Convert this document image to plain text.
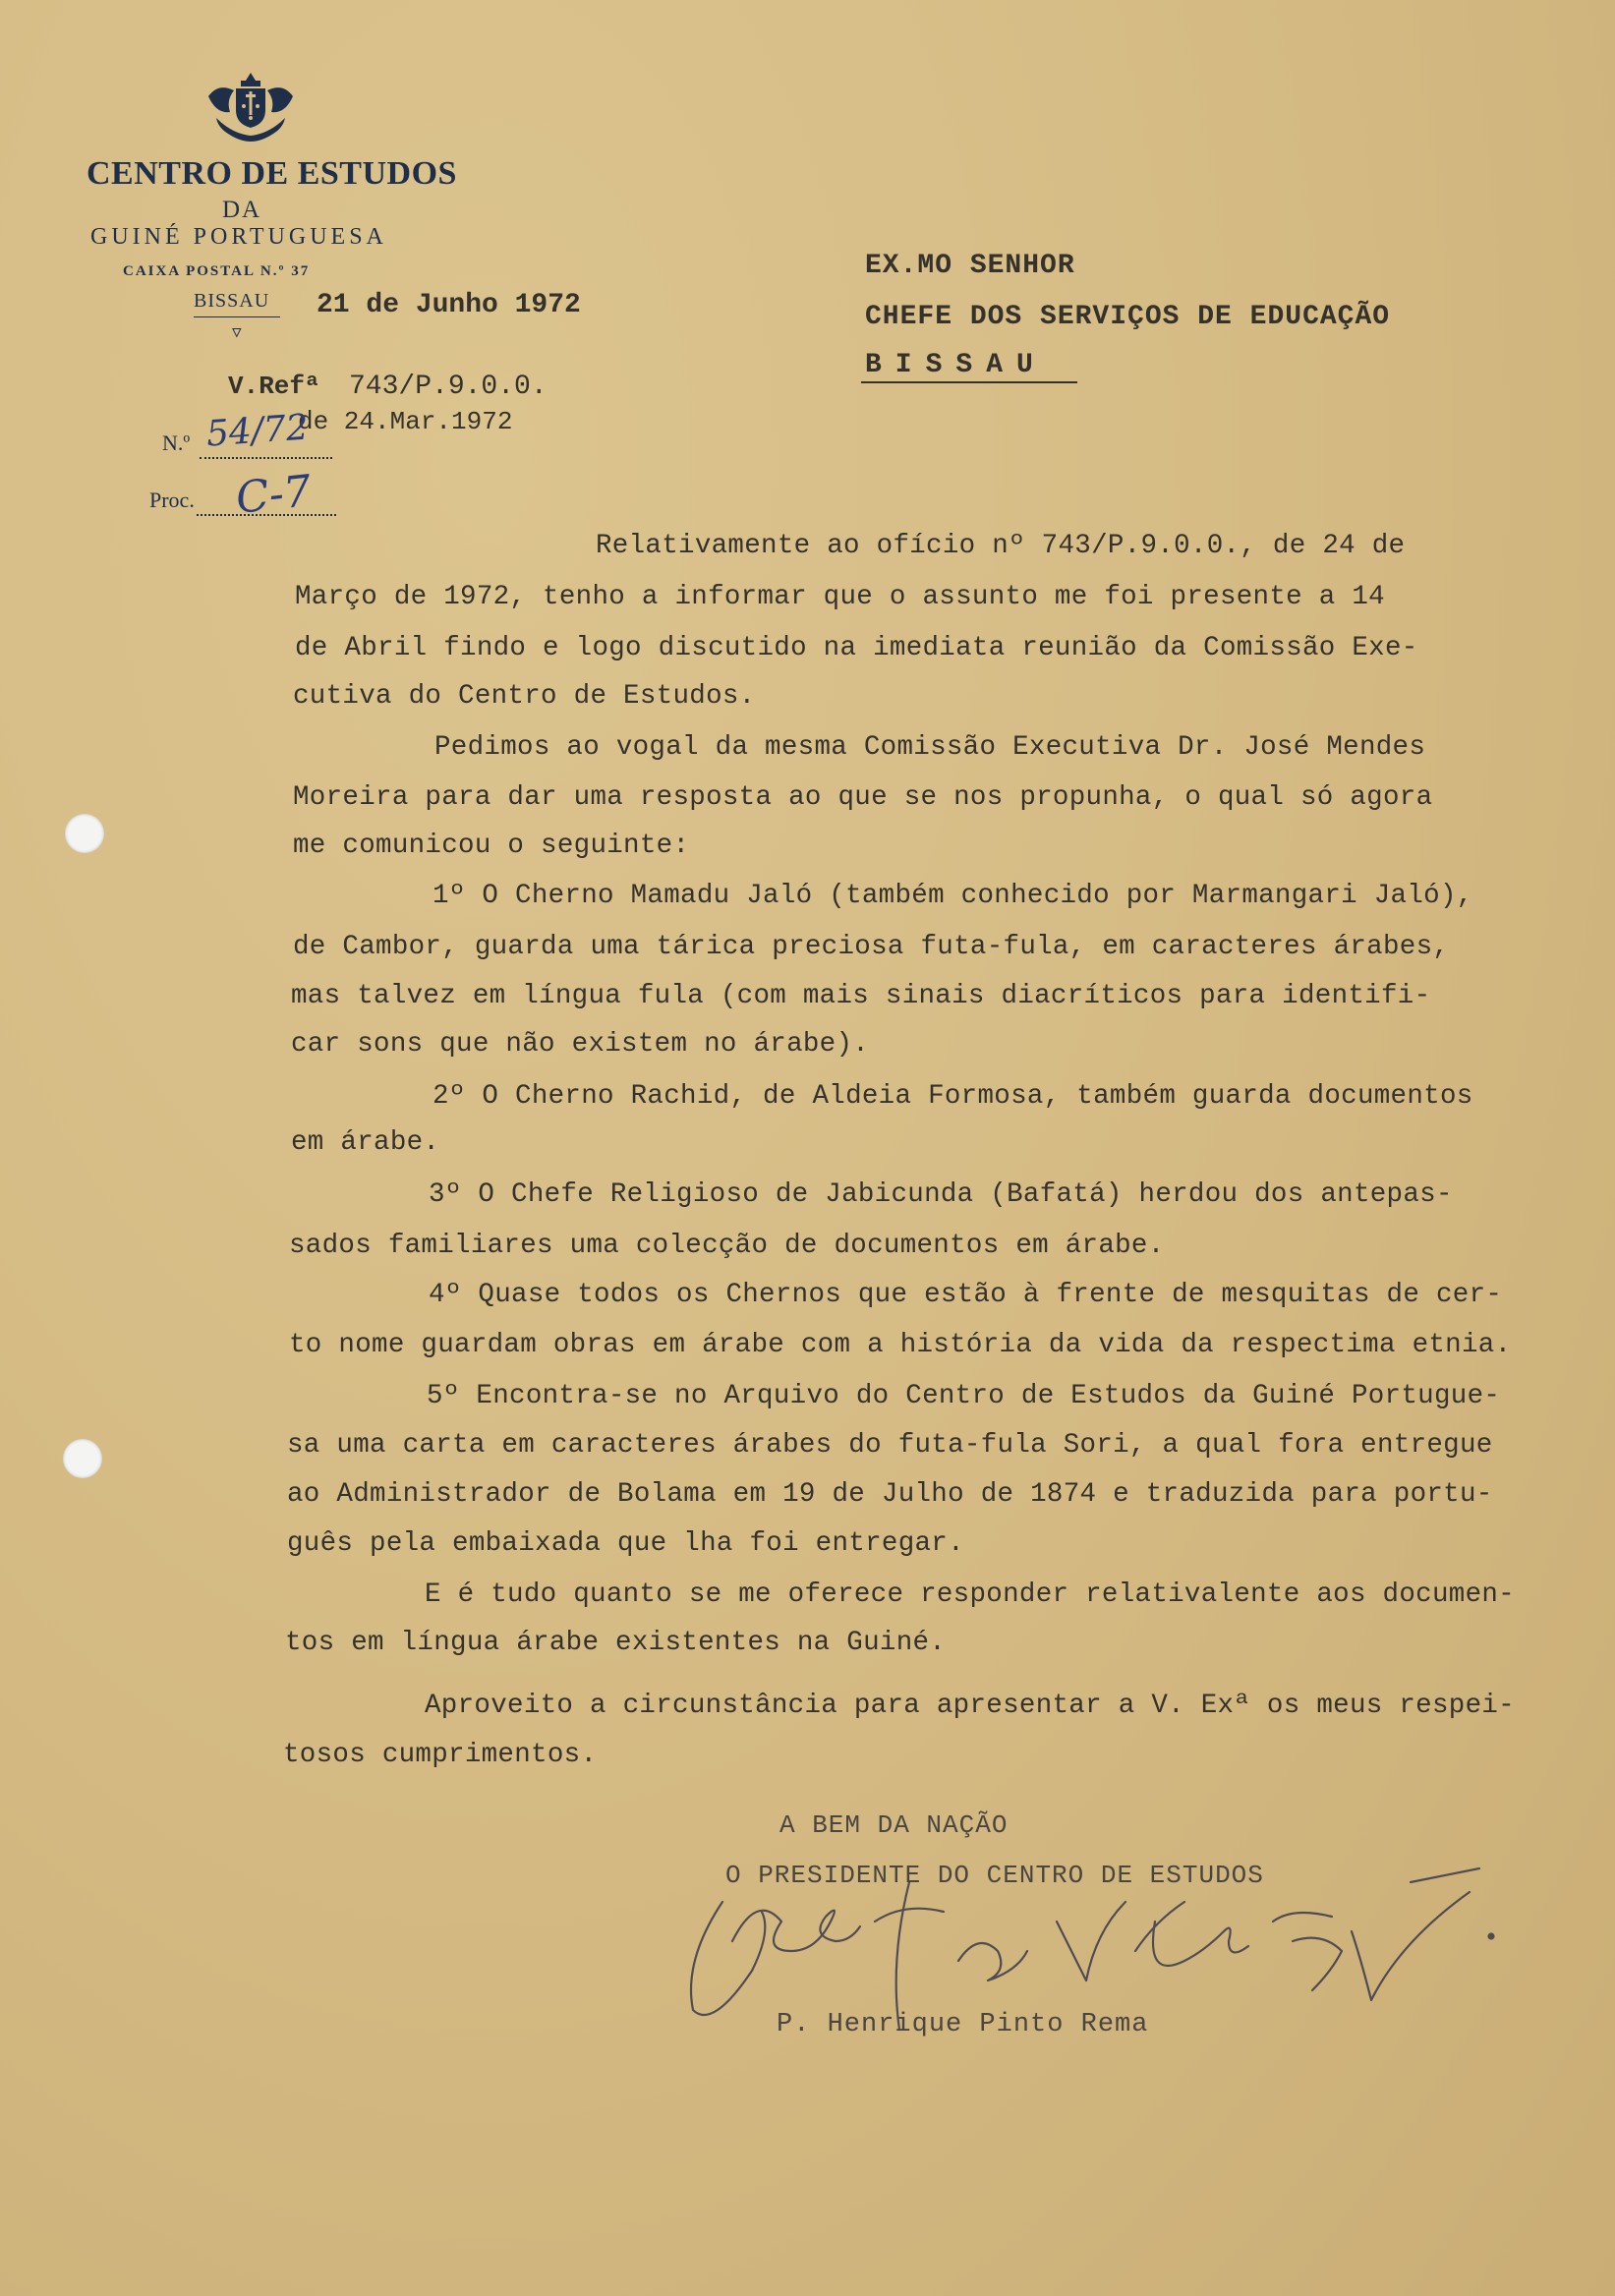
CENTRO DE ESTUDOS
DA
GUINÉ PORTUGUESA
CAIXA POSTAL N.º 37
BISSAU
▽
21 de Junho 1972
V.Refª 743/P.9.0.0.
de 24.Mar.1972
N.º 54/72
Proc. C-7
EX.MO SENHOR
CHEFE DOS SERVIÇOS DE EDUCAÇÃO
BISSAU
Relativamente ao ofício nº 743/P.9.0.0., de 24 de
Março de 1972, tenho a informar que o assunto me foi presente a 14
de Abril findo e logo discutido na imediata reunião da Comissão Exe-
cutiva do Centro de Estudos.
Pedimos ao vogal da mesma Comissão Executiva Dr. José Mendes
Moreira para dar uma resposta ao que se nos propunha, o qual só agora
me comunicou o seguinte:
1º O Cherno Mamadu Jaló (também conhecido por Marmangari Jaló),
de Cambor, guarda uma tárica preciosa futa-fula, em caracteres árabes,
mas talvez em língua fula (com mais sinais diacríticos para identifi-
car sons que não existem no árabe).
2º O Cherno Rachid, de Aldeia Formosa, também guarda documentos
em árabe.
3º O Chefe Religioso de Jabicunda (Bafatá) herdou dos antepas-
sados familiares uma colecção de documentos em árabe.
4º Quase todos os Chernos que estão à frente de mesquitas de cer-
to nome guardam obras em árabe com a história da vida da respectima etnia.
5º Encontra-se no Arquivo do Centro de Estudos da Guiné Portugue-
sa uma carta em caracteres árabes do futa-fula Sori, a qual fora entregue
ao Administrador de Bolama em 19 de Julho de 1874 e traduzida para portu-
guês pela embaixada que lha foi entregar.
E é tudo quanto se me oferece responder relativalente aos documen-
tos em língua árabe existentes na Guiné.
Aproveito a circunstância para apresentar a V. Exª os meus respei-
tosos cumprimentos.
A BEM DA NAÇÃO
O PRESIDENTE DO CENTRO DE ESTUDOS
P. Henrique Pinto Rema
